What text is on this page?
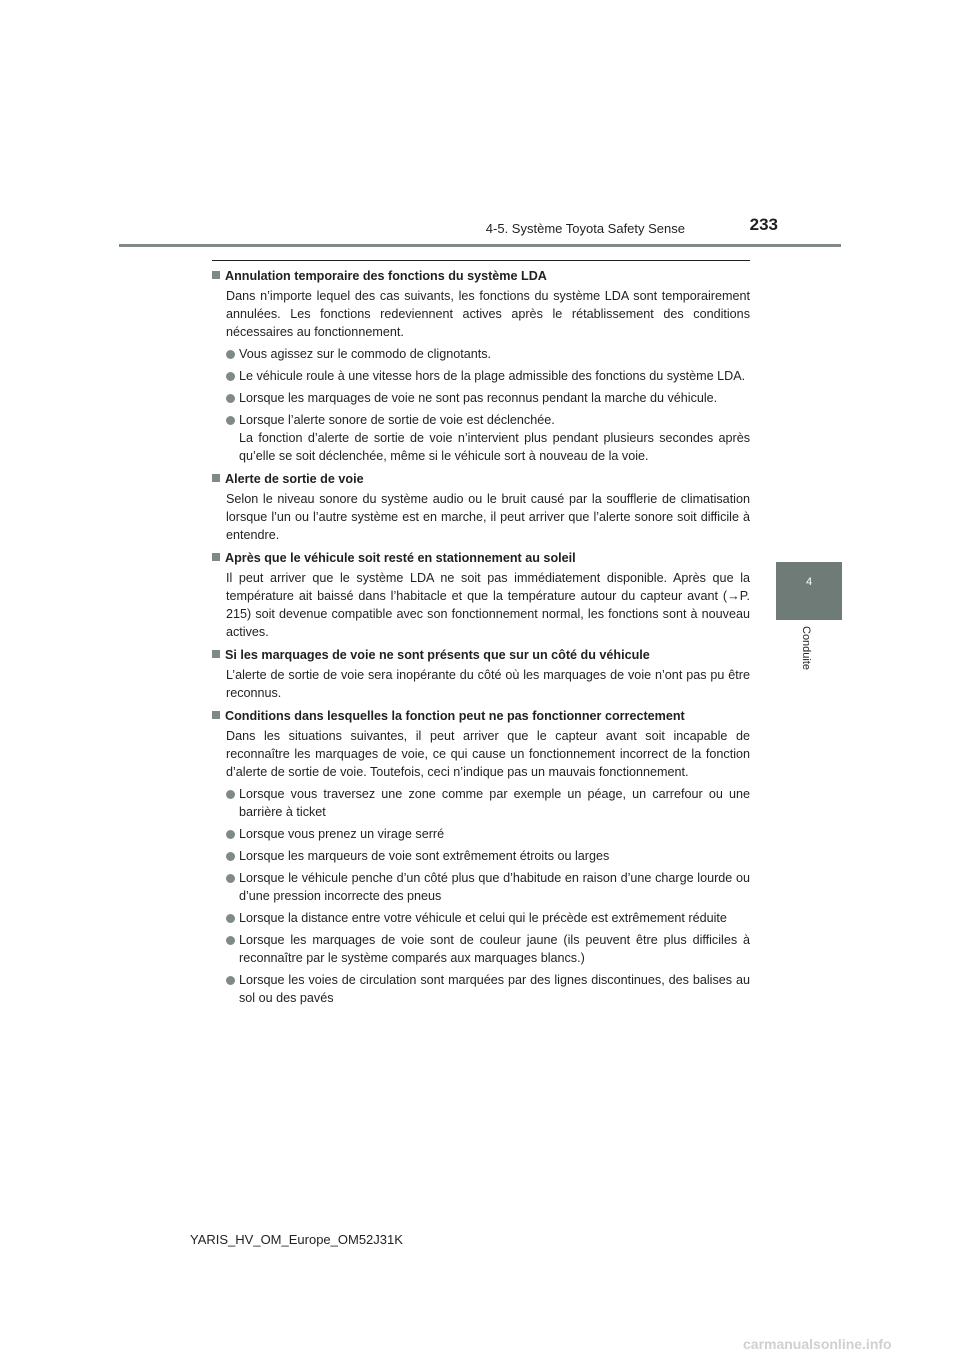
4-5. Système Toyota Safety Sense	233
4
Conduite
Annulation temporaire des fonctions du système LDA
Dans n’importe lequel des cas suivants, les fonctions du système LDA sont temporairement annulées. Les fonctions redeviennent actives après le rétablissement des conditions nécessaires au fonctionnement.
Vous agissez sur le commodo de clignotants.
Le véhicule roule à une vitesse hors de la plage admissible des fonctions du système LDA.
Lorsque les marquages de voie ne sont pas reconnus pendant la marche du véhicule.
Lorsque l’alerte sonore de sortie de voie est déclenchée.
La fonction d’alerte de sortie de voie n’intervient plus pendant plusieurs secondes après qu’elle se soit déclenchée, même si le véhicule sort à nouveau de la voie.
Alerte de sortie de voie
Selon le niveau sonore du système audio ou le bruit causé par la soufflerie de climatisation lorsque l’un ou l’autre système est en marche, il peut arriver que l’alerte sonore soit difficile à entendre.
Après que le véhicule soit resté en stationnement au soleil
Il peut arriver que le système LDA ne soit pas immédiatement disponible. Après que la température ait baissé dans l’habitacle et que la température autour du capteur avant (→P. 215) soit devenue compatible avec son fonctionnement normal, les fonctions sont à nouveau actives.
Si les marquages de voie ne sont présents que sur un côté du véhicule
L’alerte de sortie de voie sera inopérante du côté où les marquages de voie n’ont pas pu être reconnus.
Conditions dans lesquelles la fonction peut ne pas fonctionner correctement
Dans les situations suivantes, il peut arriver que le capteur avant soit incapable de reconnaître les marquages de voie, ce qui cause un fonctionnement incorrect de la fonction d’alerte de sortie de voie. Toutefois, ceci n’indique pas un mauvais fonctionnement.
Lorsque vous traversez une zone comme par exemple un péage, un carrefour ou une barrière à ticket
Lorsque vous prenez un virage serré
Lorsque les marqueurs de voie sont extrêmement étroits ou larges
Lorsque le véhicule penche d’un côté plus que d’habitude en raison d’une charge lourde ou d’une pression incorrecte des pneus
Lorsque la distance entre votre véhicule et celui qui le précède est extrêmement réduite
Lorsque les marquages de voie sont de couleur jaune (ils peuvent être plus difficiles à reconnaître par le système comparés aux marquages blancs.)
Lorsque les voies de circulation sont marquées par des lignes discontinues, des balises au sol ou des pavés
YARIS_HV_OM_Europe_OM52J31K
carmanualsonline.info
